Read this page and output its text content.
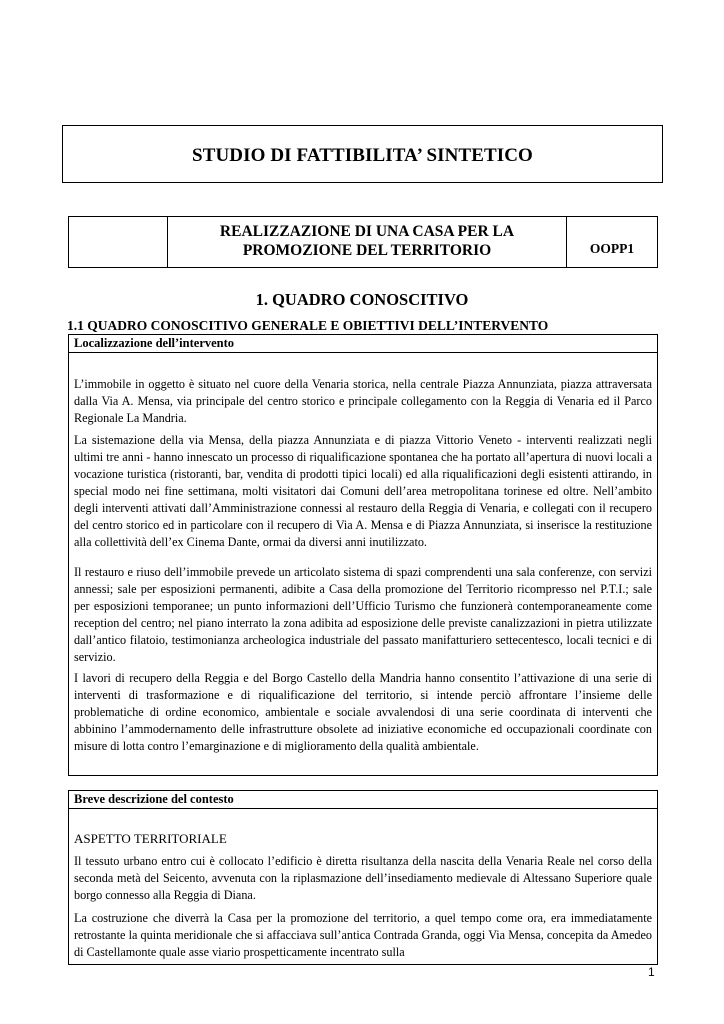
STUDIO DI FATTIBILITA’ SINTETICO
REALIZZAZIONE DI UNA CASA PER LA
PROMOZIONE DEL TERRITORIO	OOPP1
1. QUADRO CONOSCITIVO
1.1 QUADRO CONOSCITIVO GENERALE E OBIETTIVI DELL’INTERVENTO
Localizzazione dell’intervento
L’immobile in oggetto è situato nel cuore della Venaria storica, nella centrale Piazza Annunziata, piazza attraversata dalla Via A. Mensa, via principale del centro storico e principale collegamento con la Reggia di Venaria ed il Parco Regionale La Mandria.
La sistemazione della via Mensa, della piazza Annunziata e di piazza Vittorio Veneto - interventi realizzati negli ultimi tre anni - hanno innescato un processo di riqualificazione spontanea che ha portato all’apertura di nuovi locali a vocazione turistica (ristoranti, bar, vendita di prodotti tipici locali) ed alla riqualificazioni degli esistenti attirando, in special modo nei fine settimana, molti visitatori dai Comuni dell’area metropolitana torinese ed oltre. Nell’ambito degli interventi attivati dall’Amministrazione connessi al restauro della Reggia di Venaria, e collegati con il recupero del centro storico ed in particolare con il recupero di Via A. Mensa e di Piazza Annunziata, si inserisce la restituzione alla collettività dell’ex Cinema Dante, ormai da diversi anni inutilizzato.
Il restauro e riuso dell’immobile prevede un articolato sistema di spazi comprendenti una sala conferenze, con servizi annessi; sale per esposizioni permanenti, adibite a Casa della promozione del Territorio ricompresso nel P.T.I.; sale per esposizioni temporanee; un punto informazioni dell’Ufficio Turismo che funzionerà contemporaneamente come reception del centro; nel piano interrato la zona adibita ad esposizione delle previste canalizzazioni in pietra utilizzate dall’antico filatoio, testimonianza archeologica industriale del passato manifatturiero settecentesco, locali tecnici e di servizio.
I lavori di recupero della Reggia e del Borgo Castello della Mandria hanno consentito l’attivazione di una serie di interventi di trasformazione e di riqualificazione del territorio, si intende perciò affrontare l’insieme delle problematiche di ordine economico, ambientale e sociale avvalendosi di una serie coordinata di interventi che abbinino l’ammodernamento delle infrastrutture obsolete ad iniziative economiche ed occupazionali coordinate con misure di lotta contro l’emarginazione e di miglioramento della qualità ambientale.
Breve descrizione del contesto
ASPETTO TERRITORIALE
Il tessuto urbano entro cui è collocato l’edificio è diretta risultanza della nascita della Venaria Reale nel corso della seconda metà del Seicento, avvenuta con la riplasmazione dell’insediamento medievale di Altessano Superiore quale borgo connesso alla Reggia di Diana.
La costruzione che diverrà la Casa per la promozione del territorio, a quel tempo come ora, era immediatamente retrostante la quinta meridionale che si affacciava sull’antica Contrada Granda, oggi Via Mensa, concepita da Amedeo di Castellamonte quale asse viario prospetticamente incentrato sulla
1
